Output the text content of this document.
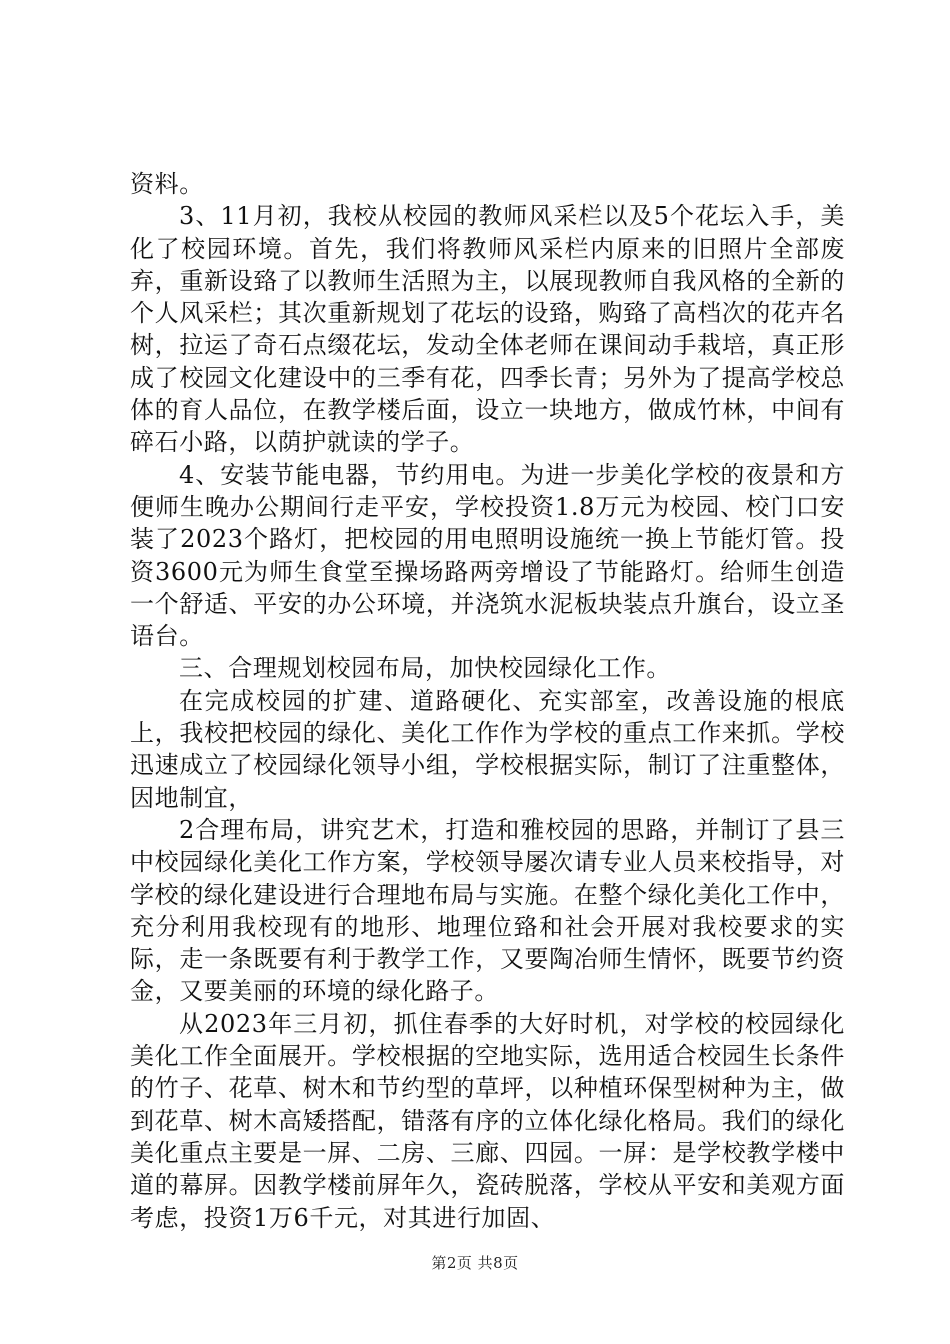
资料。

3、11月初，我校从校园的教师风采栏以及5个花坛入手，美化了校园环境。首先，我们将教师风采栏内原来的旧照片全部废弃，重新设臵了以教师生活照为主，以展现教师自我风格的全新的个人风采栏；其次重新规划了花坛的设臵，购臵了高档次的花卉名树，拉运了奇石点缀花坛，发动全体老师在课间动手栽培，真正形成了校园文化建设中的三季有花，四季长青；另外为了提高学校总体的育人品位，在教学楼后面，设立一块地方，做成竹林，中间有碎石小路，以荫护就读的学子。

4、安装节能电器，节约用电。为进一步美化学校的夜景和方便师生晚办公期间行走平安，学校投资1.8万元为校园、校门口安装了2023个路灯，把校园的用电照明设施统一换上节能灯管。投资3600元为师生食堂至操场路两旁增设了节能路灯。给师生创造一个舒适、平安的办公环境，并浇筑水泥板块装点升旗台，设立圣语台。

三、合理规划校园布局，加快校园绿化工作。

在完成校园的扩建、道路硬化、充实部室，改善设施的根底上，我校把校园的绿化、美化工作作为学校的重点工作来抓。学校迅速成立了校园绿化领导小组，学校根据实际，制订了注重整体，因地制宜，

2合理布局，讲究艺术，打造和雅校园的思路，并制订了县三中校园绿化美化工作方案，学校领导屡次请专业人员来校指导，对学校的绿化建设进行合理地布局与实施。在整个绿化美化工作中，充分利用我校现有的地形、地理位臵和社会开展对我校要求的实际，走一条既要有利于教学工作，又要陶冶师生情怀，既要节约资金，又要美丽的环境的绿化路子。

从2023年三月初，抓住春季的大好时机，对学校的校园绿化美化工作全面展开。学校根据的空地实际，选用适合校园生长条件的竹子、花草、树木和节约型的草坪，以种植环保型树种为主，做到花草、树木高矮搭配，错落有序的立体化绿化格局。我们的绿化美化重点主要是一屏、二房、三廊、四园。一屏：是学校教学楼中道的幕屏。因教学楼前屏年久，瓷砖脱落，学校从平安和美观方面考虑，投资1万6千元，对其进行加固、

第2页 共8页
